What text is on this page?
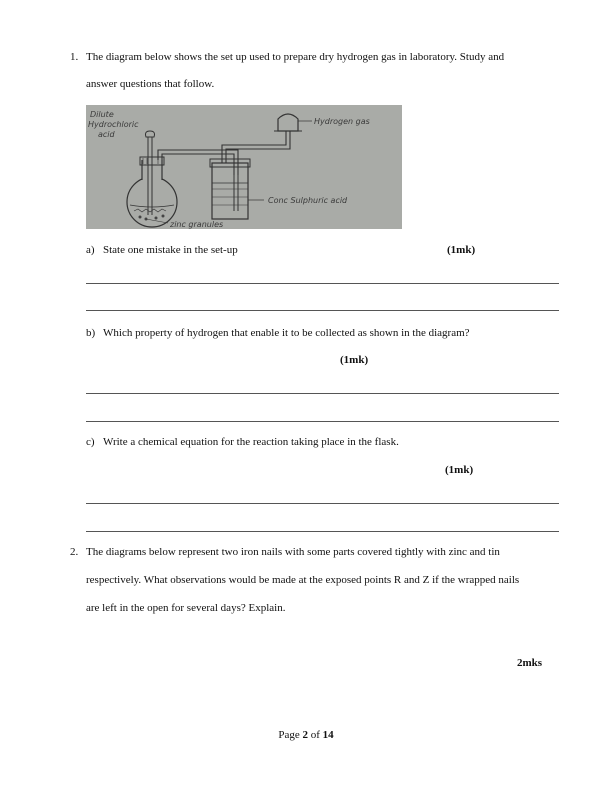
1. The diagram below shows the set up used to prepare dry hydrogen gas in laboratory. Study and
answer questions that follow.
Dilute
Hydrochloric
acid
Hydrogen gas
Conc Sulphuric acid
zinc granules
a) State one mistake in the set-up	(1mk)
b) Which property of hydrogen that enable it to be collected as shown in the diagram?
(1mk)
c) Write a chemical equation for the reaction taking place in the flask.
(1mk)
2. The diagrams below represent two iron nails with some parts covered tightly with zinc and tin
respectively. What observations would be made at the exposed points R and Z if the wrapped nails
are left in the open for several days? Explain.
2mks
Page 2 of 14
